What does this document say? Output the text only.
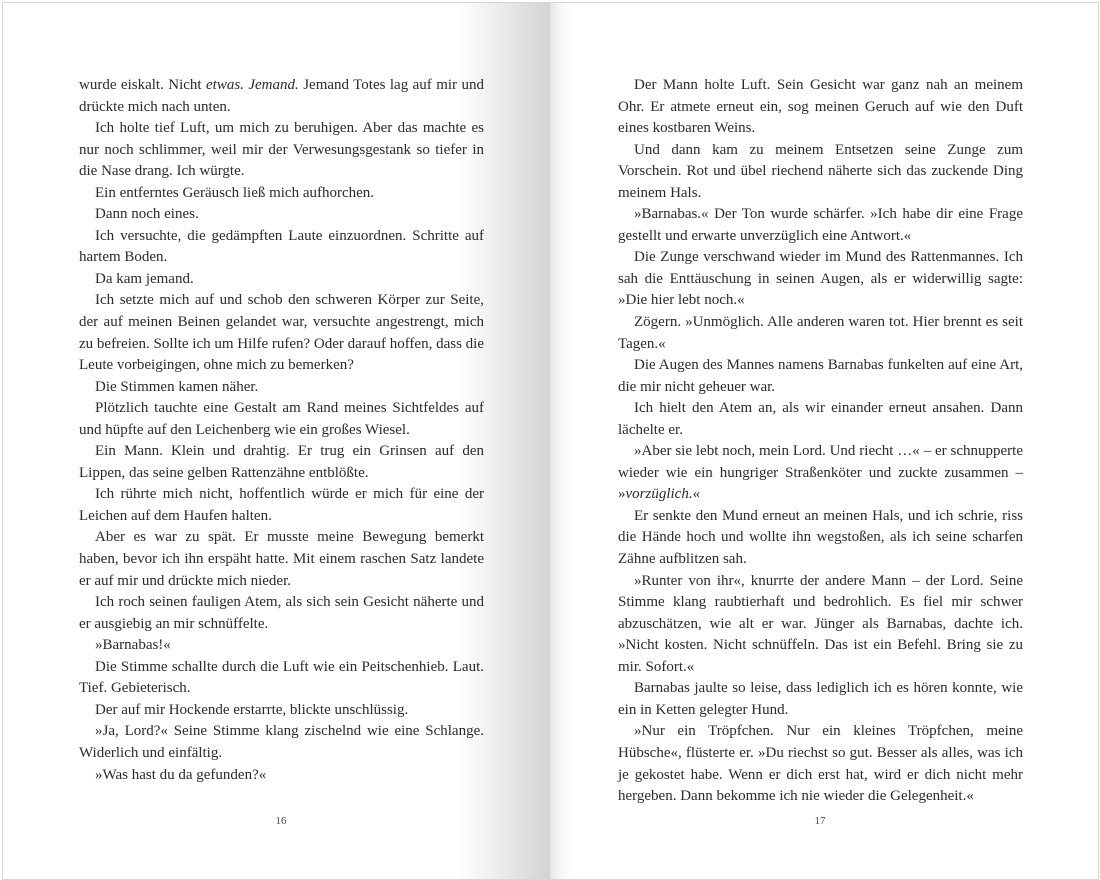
wurde eiskalt. Nicht etwas. Jemand. Jemand Totes lag auf mir und drückte mich nach unten.

Ich holte tief Luft, um mich zu beruhigen. Aber das machte es nur noch schlimmer, weil mir der Verwesungsgestank so tiefer in die Nase drang. Ich würgte.

Ein entferntes Geräusch ließ mich aufhorchen.

Dann noch eines.

Ich versuchte, die gedämpften Laute einzuordnen. Schritte auf hartem Boden.

Da kam jemand.

Ich setzte mich auf und schob den schweren Körper zur Seite, der auf meinen Beinen gelandet war, versuchte angestrengt, mich zu befreien. Sollte ich um Hilfe rufen? Oder darauf hoffen, dass die Leute vorbeigingen, ohne mich zu bemerken?

Die Stimmen kamen näher.

Plötzlich tauchte eine Gestalt am Rand meines Sichtfeldes auf und hüpfte auf den Leichenberg wie ein großes Wiesel.

Ein Mann. Klein und drahtig. Er trug ein Grinsen auf den Lippen, das seine gelben Rattenzähne entblößte.

Ich rührte mich nicht, hoffentlich würde er mich für eine der Leichen auf dem Haufen halten.

Aber es war zu spät. Er musste meine Bewegung bemerkt haben, bevor ich ihn erspäht hatte. Mit einem raschen Satz landete er auf mir und drückte mich nieder.

Ich roch seinen fauligen Atem, als sich sein Gesicht näherte und er ausgiebig an mir schnüffelte.

»Barnabas!«

Die Stimme schallte durch die Luft wie ein Peitschenhieb. Laut. Tief. Gebieterisch.

Der auf mir Hockende erstarrte, blickte unschlüssig.

»Ja, Lord?« Seine Stimme klang zischelnd wie eine Schlange. Widerlich und einfältig.

»Was hast du da gefunden?«

16

Der Mann holte Luft. Sein Gesicht war ganz nah an meinem Ohr. Er atmete erneut ein, sog meinen Geruch auf wie den Duft eines kostbaren Weins.

Und dann kam zu meinem Entsetzen seine Zunge zum Vorschein. Rot und übel riechend näherte sich das zuckende Ding meinem Hals.

»Barnabas.« Der Ton wurde schärfer. »Ich habe dir eine Frage gestellt und erwarte unverzüglich eine Antwort.«

Die Zunge verschwand wieder im Mund des Rattenmannes. Ich sah die Enttäuschung in seinen Augen, als er widerwillig sagte: »Die hier lebt noch.«

Zögern. »Unmöglich. Alle anderen waren tot. Hier brennt es seit Tagen.«

Die Augen des Mannes namens Barnabas funkelten auf eine Art, die mir nicht geheuer war.

Ich hielt den Atem an, als wir einander erneut ansahen. Dann lächelte er.

»Aber sie lebt noch, mein Lord. Und riecht …« – er schnupperte wieder wie ein hungriger Straßenköter und zuckte zusammen – »vorzüglich.«

Er senkte den Mund erneut an meinen Hals, und ich schrie, riss die Hände hoch und wollte ihn wegstoßen, als ich seine scharfen Zähne aufblitzen sah.

»Runter von ihr«, knurrte der andere Mann – der Lord. Seine Stimme klang raubtierhaft und bedrohlich. Es fiel mir schwer abzuschätzen, wie alt er war. Jünger als Barnabas, dachte ich. »Nicht kosten. Nicht schnüffeln. Das ist ein Befehl. Bring sie zu mir. Sofort.«

Barnabas jaulte so leise, dass lediglich ich es hören konnte, wie ein in Ketten gelegter Hund.

»Nur ein Tröpfchen. Nur ein kleines Tröpfchen, meine Hübsche«, flüsterte er. »Du riechst so gut. Besser als alles, was ich je gekostet habe. Wenn er dich erst hat, wird er dich nicht mehr hergeben. Dann bekomme ich nie wieder die Gelegenheit.«

17
